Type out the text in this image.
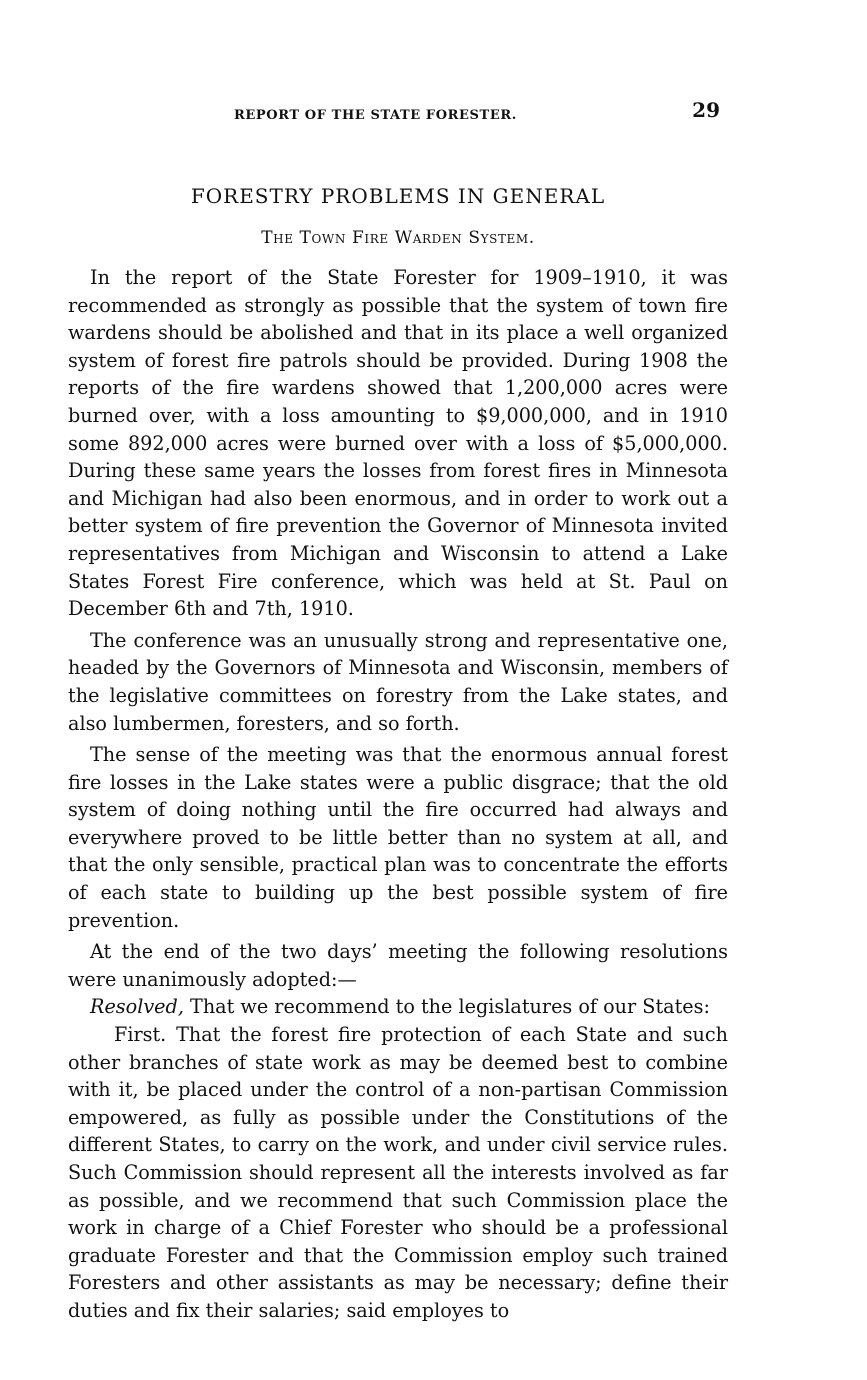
REPORT OF THE STATE FORESTER.	29
FORESTRY PROBLEMS IN GENERAL
The Town Fire Warden System.

In the report of the State Forester for 1909–1910, it was recommended as strongly as possible that the system of town fire wardens should be abolished and that in its place a well organized system of forest fire patrols should be provided. During 1908 the reports of the fire wardens showed that 1,200,000 acres were burned over, with a loss amounting to $9,000,000, and in 1910 some 892,000 acres were burned over with a loss of $5,000,000. During these same years the losses from forest fires in Minnesota and Michigan had also been enormous, and in order to work out a better system of fire prevention the Governor of Minnesota invited representatives from Michigan and Wisconsin to attend a Lake States Forest Fire conference, which was held at St. Paul on December 6th and 7th, 1910.

The conference was an unusually strong and representative one, headed by the Governors of Minnesota and Wisconsin, members of the legislative committees on forestry from the Lake states, and also lumbermen, foresters, and so forth.

The sense of the meeting was that the enormous annual forest fire losses in the Lake states were a public disgrace; that the old system of doing nothing until the fire occurred had always and everywhere proved to be little better than no system at all, and that the only sensible, practical plan was to concentrate the efforts of each state to building up the best possible system of fire prevention.

At the end of the two days’ meeting the following resolutions were unanimously adopted:—

Resolved, That we recommend to the legislatures of our States:

First. That the forest fire protection of each State and such other branches of state work as may be deemed best to combine with it, be placed under the control of a non-partisan Commission empowered, as fully as possible under the Constitutions of the different States, to carry on the work, and under civil service rules. Such Commission should represent all the interests involved as far as possible, and we recommend that such Commission place the work in charge of a Chief Forester who should be a professional graduate Forester and that the Commission employ such trained Foresters and other assistants as may be necessary; define their duties and fix their salaries; said employes to
